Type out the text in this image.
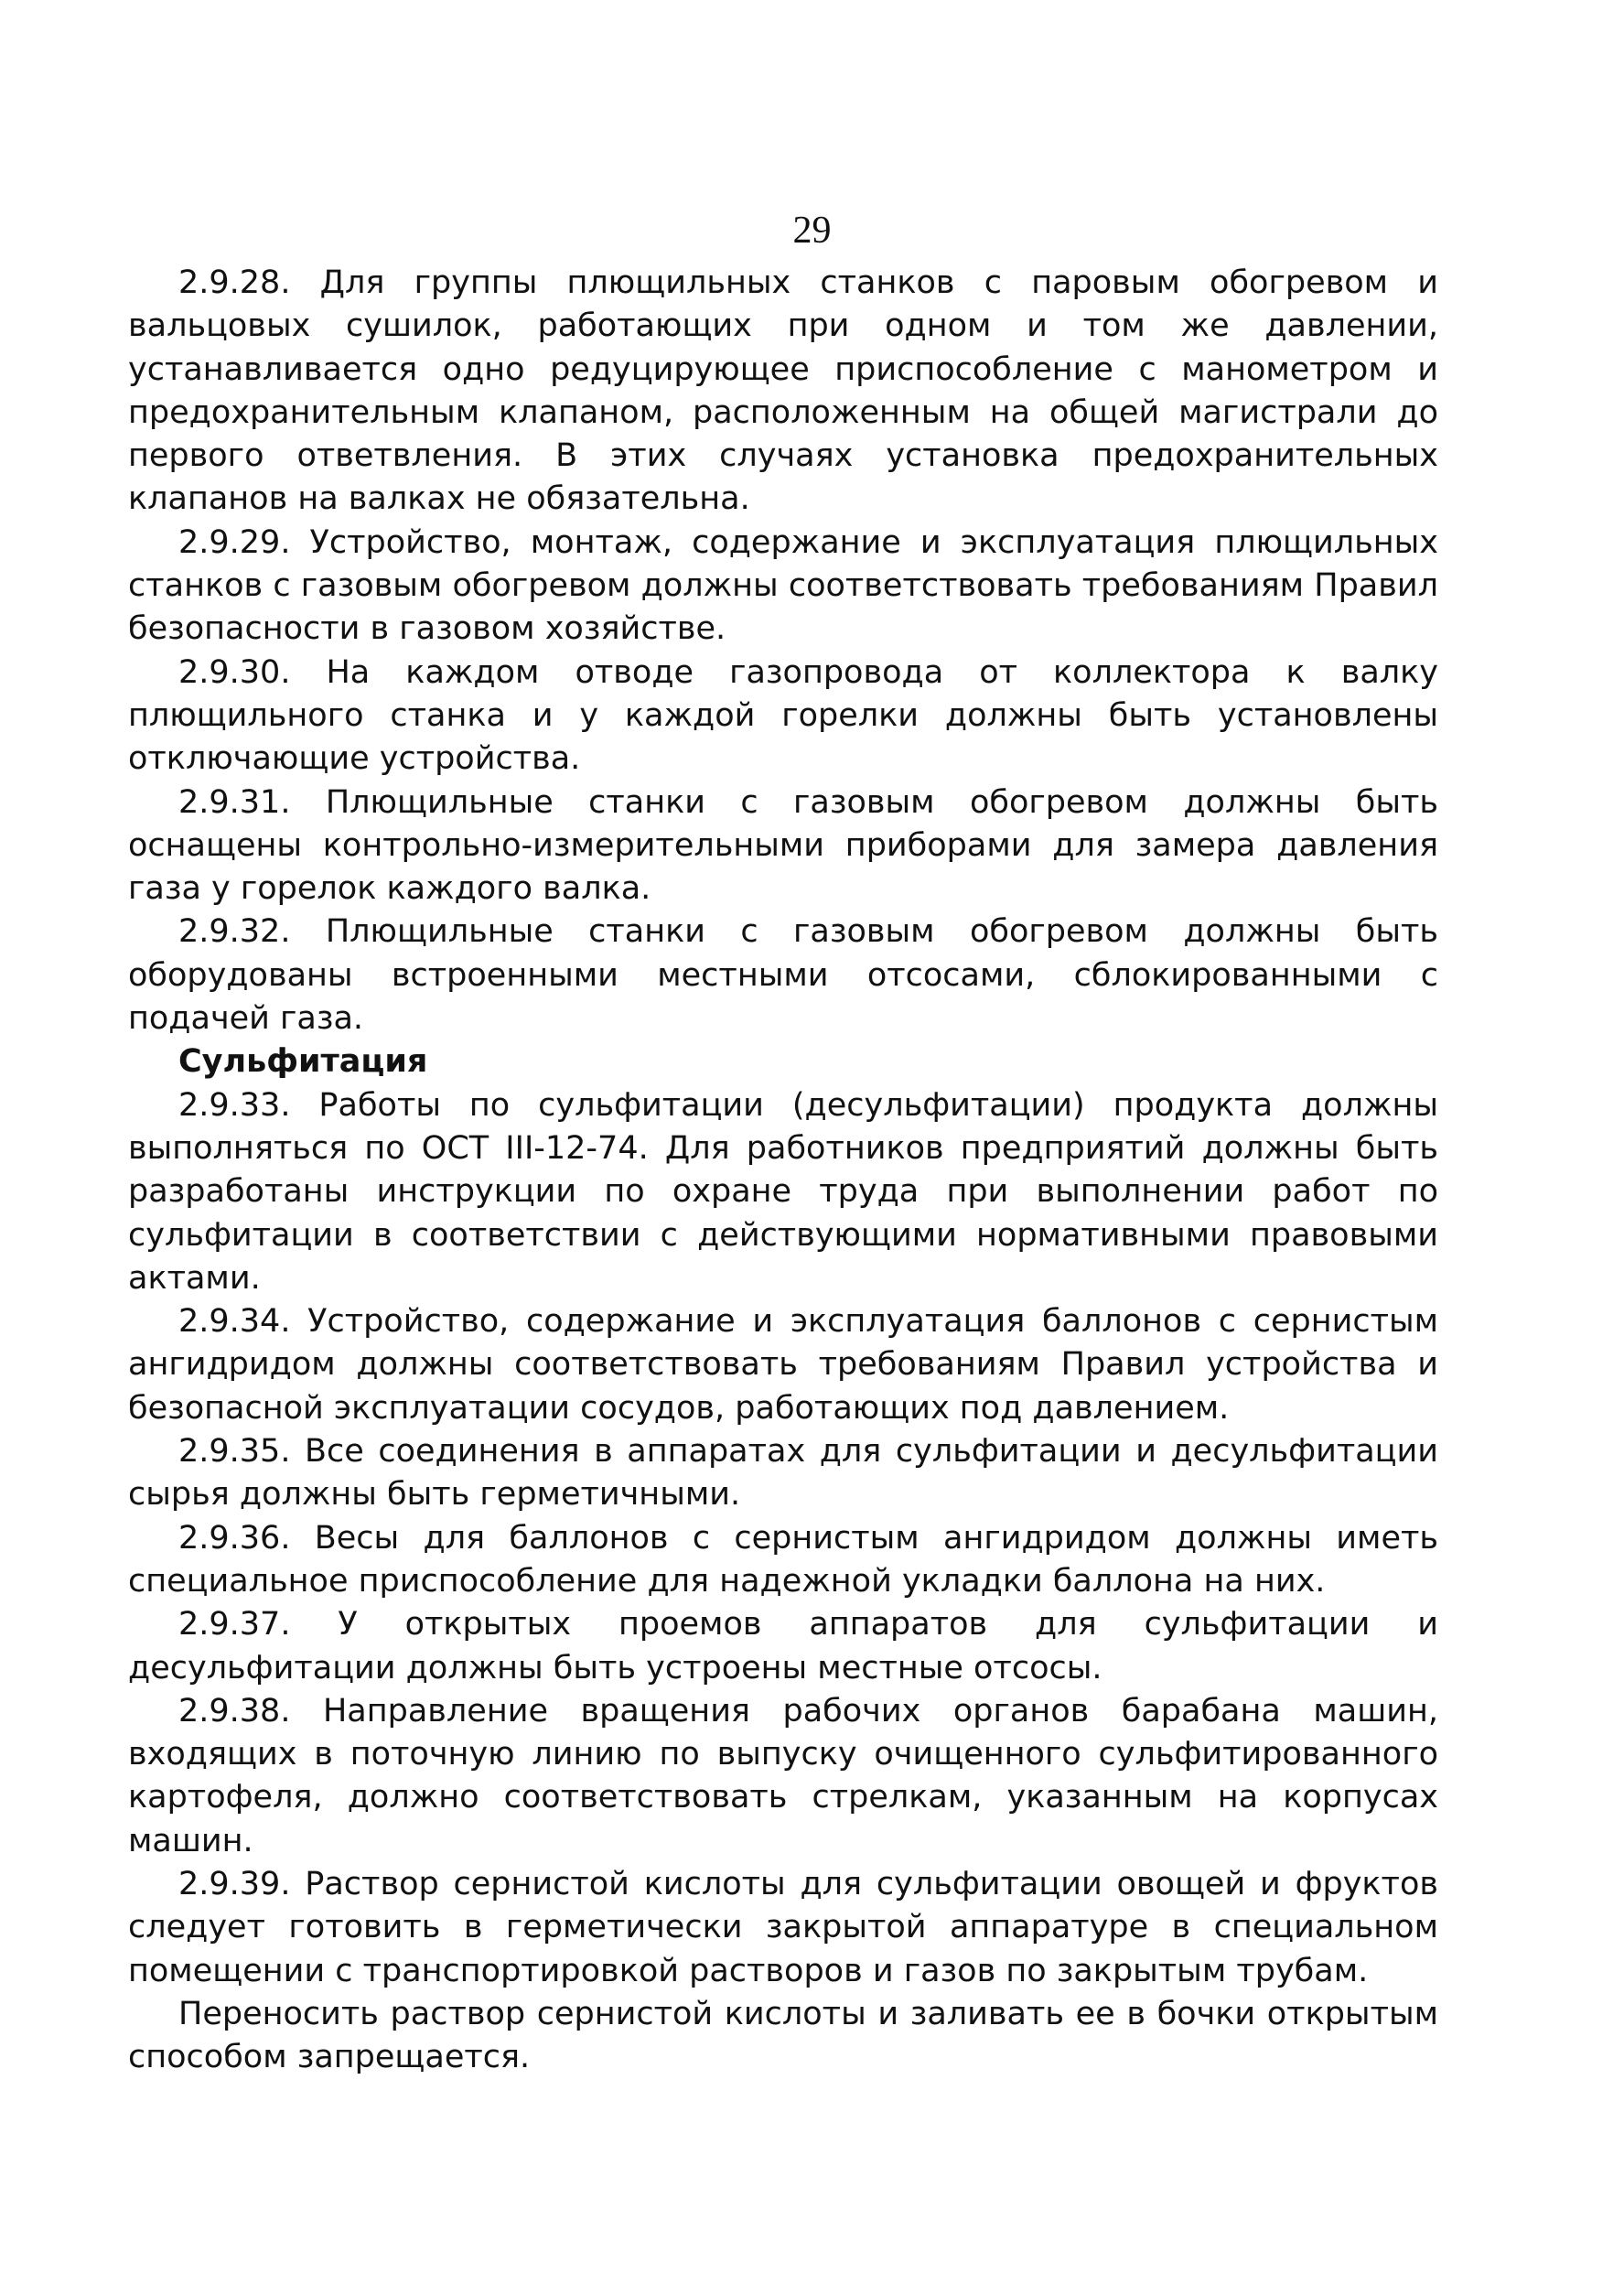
29

2.9.28. Для группы плющильных станков с паровым обогревом и вальцовых сушилок, работающих при одном и том же давлении, устанавливается одно редуцирующее приспособление с манометром и предохранительным клапаном, расположенным на общей магистрали до первого ответвления. В этих случаях установка предохранительных клапанов на валках не обязательна.

2.9.29. Устройство, монтаж, содержание и эксплуатация плющильных станков с газовым обогревом должны соответствовать требованиям Правил безопасности в газовом хозяйстве.

2.9.30. На каждом отводе газопровода от коллектора к валку плющильного станка и у каждой горелки должны быть установлены отключающие устройства.

2.9.31. Плющильные станки с газовым обогревом должны быть оснащены контрольно-измерительными приборами для замера давления газа у горелок каждого валка.

2.9.32. Плющильные станки с газовым обогревом должны быть оборудованы встроенными местными отсосами, сблокированными с подачей газа.

Сульфитация

2.9.33. Работы по сульфитации (десульфитации) продукта должны выполняться по ОСТ III-12-74. Для работников предприятий должны быть разработаны инструкции по охране труда при выполнении работ по сульфитации в соответствии с действующими нормативными правовыми актами.

2.9.34. Устройство, содержание и эксплуатация баллонов с сернистым ангидридом должны соответствовать требованиям Правил устройства и безопасной эксплуатации сосудов, работающих под давлением.

2.9.35. Все соединения в аппаратах для сульфитации и десульфитации сырья должны быть герметичными.

2.9.36. Весы для баллонов с сернистым ангидридом должны иметь специальное приспособление для надежной укладки баллона на них.

2.9.37. У открытых проемов аппаратов для сульфитации и десульфитации должны быть устроены местные отсосы.

2.9.38. Направление вращения рабочих органов барабана машин, входящих в поточную линию по выпуску очищенного сульфитированного картофеля, должно соответствовать стрелкам, указанным на корпусах машин.

2.9.39. Раствор сернистой кислоты для сульфитации овощей и фруктов следует готовить в герметически закрытой аппаратуре в специальном помещении с транспортировкой растворов и газов по закрытым трубам.

Переносить раствор сернистой кислоты и заливать ее в бочки открытым способом запрещается.
